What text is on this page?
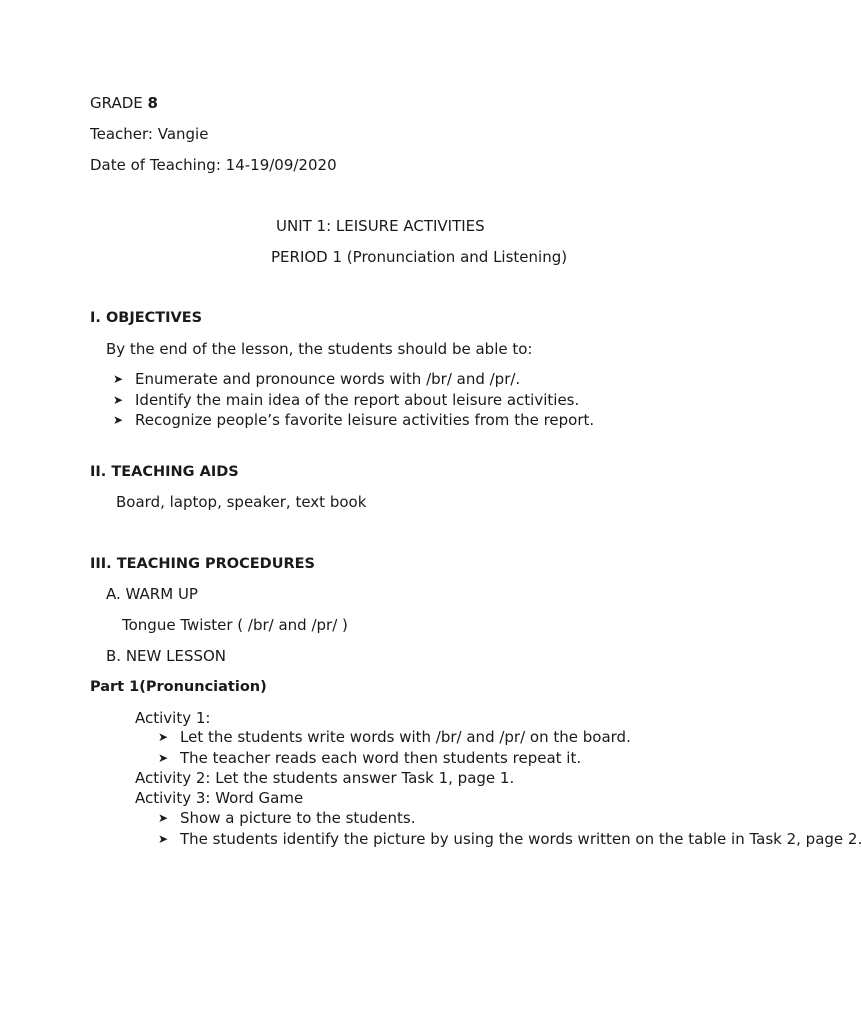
GRADE 8
Teacher: Vangie
Date of Teaching: 14-19/09/2020
UNIT 1: LEISURE ACTIVITIES
PERIOD 1 (Pronunciation and Listening)
I. OBJECTIVES
By the end of the lesson, the students should be able to:
➤ Enumerate and pronounce words with /br/ and /pr/.
➤ Identify the main idea of the report about leisure activities.
➤ Recognize people’s favorite leisure activities from the report.
II. TEACHING AIDS
Board, laptop, speaker, text book
III. TEACHING PROCEDURES
A. WARM UP
Tongue Twister ( /br/ and /pr/ )
B. NEW LESSON
Part 1(Pronunciation)
Activity 1:
➤ Let the students write words with /br/ and /pr/ on the board.
➤ The teacher reads each word then students repeat it.
Activity 2: Let the students answer Task 1, page 1.
Activity 3: Word Game
➤ Show a picture to the students.
➤ The students identify the picture by using the words written on the table in Task 2, page 2.
